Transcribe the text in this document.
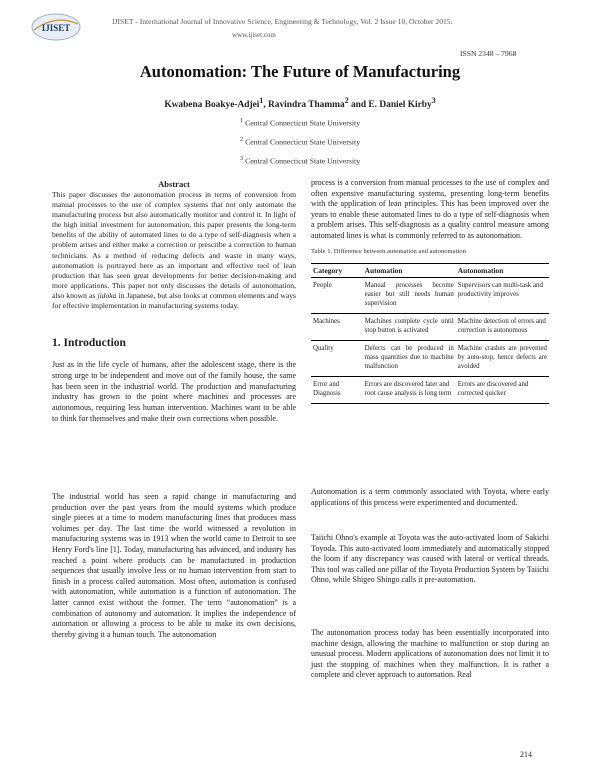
IJISET
IJISET - International Journal of Innovative Science, Engineering & Technology, Vol. 2 Issue 10, October 2015.
www.ijiset.com
ISSN 2348 – 7968
Autonomation: The Future of Manufacturing
Kwabena Boakye-Adjei$^1$, Ravindra Thamma$^2$ and E. Daniel Kirby$^3$
$^1$ Central Connecticut State University
$^2$ Central Connecticut State University
$^3$ Central Connecticut State University
Abstract
This paper discusses the autonomation process in terms of conversion from manual processes to the use of complex systems that not only automate the manufacturing process but also automatically monitor and control it. In light of the high initial investment for autonomation, this paper presents the long-term benefits of the ability of automated lines to do a type of self-diagnosis when a problem arises and either make a correction or prescribe a correction to human technicians. As a method of reducing defects and waste in many ways, autonomation is portrayed here as an important and effective tool of lean production that has seen great developments for better decision-making and more applications. This paper not only discusses the details of autonomation, also known as jidoka in Japanese, but also looks at common elements and ways for effective implementation in manufacturing systems today.
1. Introduction
Just as in the life cycle of humans, after the adolescent stage, there is the strong urge to be independent and move out of the family house, the same has been seen in the industrial world. The production and manufacturing industry has grown to the point where machines and processes are autonomous, requiring less human intervention. Machines want to be able to think for themselves and make their own corrections when possible.
The industrial world has seen a rapid change in manufacturing and production over the past years from the mould systems which produce single pieces at a time to modern manufacturing lines that produces mass volumes per day. The last time the world witnessed a revolution in manufacturing systems was in 1913 when the world came to Detroit to see Henry Ford's line [1]. Today, manufacturing has advanced, and industry has reached a point where products can be manufactured in production sequences that usually involve less or no human intervention from start to finish in a process called automation. Most often, automation is confused with autonomation, while automation is a function of autonomation. The latter cannot exist without the former. The term “autonomation” is a combination of autonomy and automation. It implies the independence of automation or allowing a process to be able to make its own decisions, thereby giving it a human touch. The autonomation
process is a conversion from manual processes to the use of complex and often expensive manufacturing systems, presenting long-term benefits with the application of lean principles. This has been improved over the years to enable these automated lines to do a type of self-diagnosis when a problem arises. This self-diagnosis as a quality control measure among automated lines is what is commonly referred to as autonomation.
Table 1. Difference between automation and autonomation
Category	Automation	Autonomation
People	Manual processes become easier but still needs human supervision	Supervisors can multi-task and productivity improves
Machines	Machines complete cycle until stop button is activated	Machine detection of errors and correction is autonomous
Quality	Defects can be produced in mass quantities due to machine malfunction	Machine crashes are prevented by auto-stop, hence defects are avoided
Error and Diagnosis	Errors are discovered later and root cause analysis is long term	Errors are discovered and corrected quicker
Autonomation is a term commonly associated with Toyota, where early applications of this process were experimented and documented.
Taiichi Ohno's example at Toyota was the auto-activated loom of Sakichi Toyoda. This auto-activated loom immediately and automatically stopped the loom if any discrepancy was caused with lateral or vertical threads. This tool was called one pillar of the Toyota Production System by Taiichi Ohno, while Shigeo Shingo calls it pre-automation.
The autonomation process today has been essentially incorporated into machine design, allowing the machine to malfunction or stop during an unusual process. Modern applications of autonomation does not limit it to just the stopping of machines when they malfunction. It is rather a complete and clever approach to automation. Real
214
